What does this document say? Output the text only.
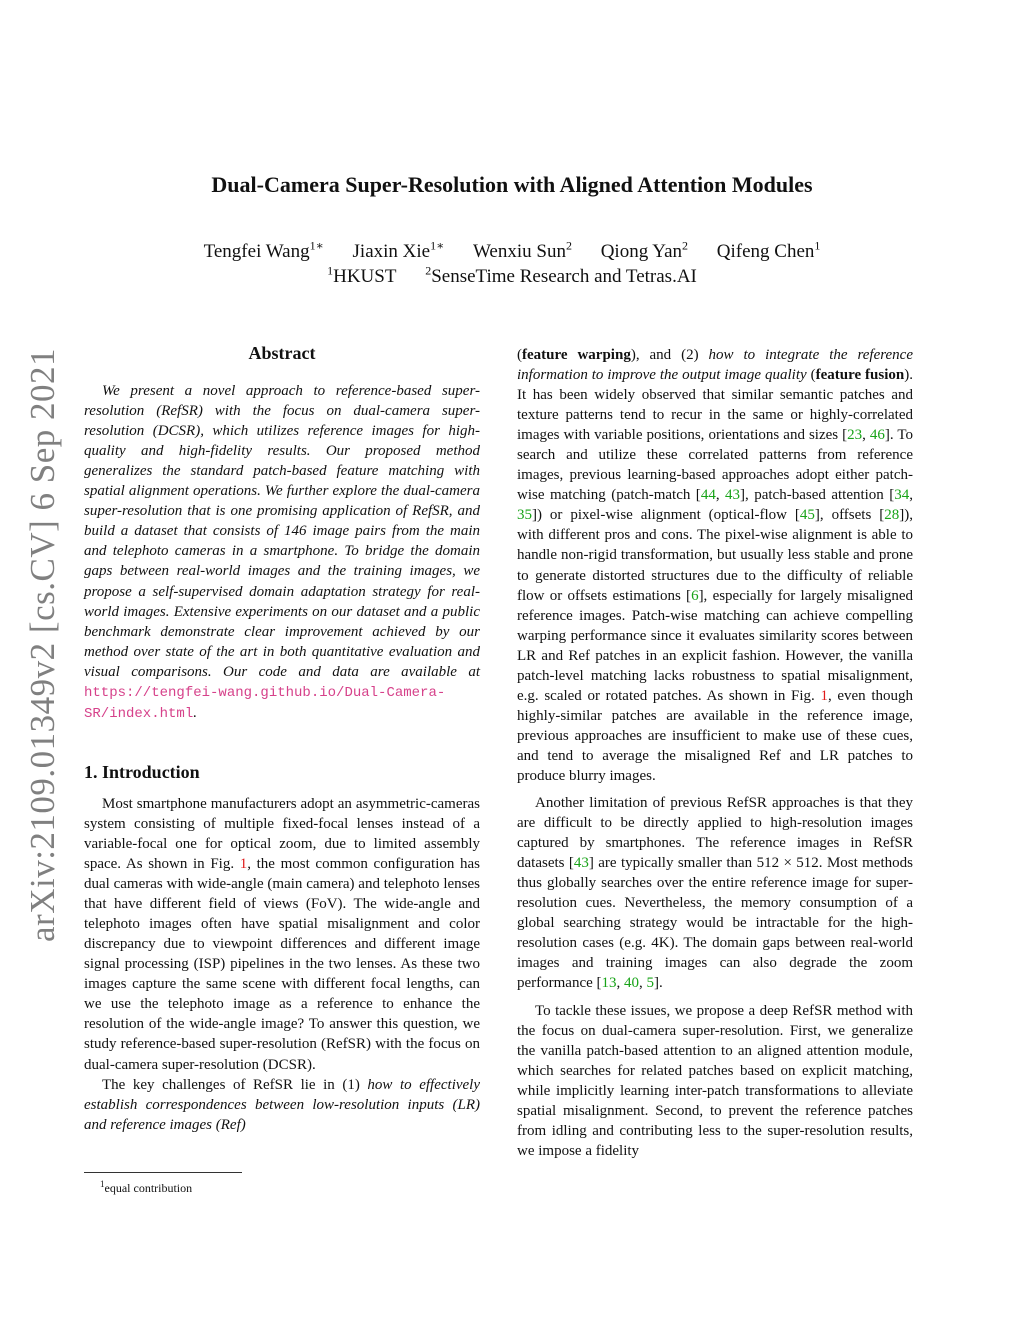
arXiv:2109.01349v2 [cs.CV] 6 Sep 2021
Dual-Camera Super-Resolution with Aligned Attention Modules
Tengfei Wang$^{1∗}$ Jiaxin Xie$^{1∗}$ Wenxiu Sun$^2$ Qiong Yan$^2$ Qifeng Chen$^1$
$^1$HKUST $^2$SenseTime Research and Tetras.AI
Abstract

We present a novel approach to reference-based super-resolution (RefSR) with the focus on dual-camera super-resolution (DCSR), which utilizes reference images for high-quality and high-fidelity results. Our proposed method generalizes the standard patch-based feature matching with spatial alignment operations. We further explore the dual-camera super-resolution that is one promising application of RefSR, and build a dataset that consists of 146 image pairs from the main and telephoto cameras in a smartphone. To bridge the domain gaps between real-world images and the training images, we propose a self-supervised domain adaptation strategy for real-world images. Extensive experiments on our dataset and a public benchmark demonstrate clear improvement achieved by our method over state of the art in both quantitative evaluation and visual comparisons. Our code and data are available at https://tengfei-wang.github.io/Dual-Camera-SR/index.html.

1. Introduction

Most smartphone manufacturers adopt an asymmetric-cameras system consisting of multiple fixed-focal lenses instead of a variable-focal one for optical zoom, due to limited assembly space. As shown in Fig. 1, the most common configuration has dual cameras with wide-angle (main camera) and telephoto lenses that have different field of views (FoV). The wide-angle and telephoto images often have spatial misalignment and color discrepancy due to viewpoint differences and different image signal processing (ISP) pipelines in the two lenses. As these two images capture the same scene with different focal lengths, can we use the telephoto image as a reference to enhance the resolution of the wide-angle image? To answer this question, we study reference-based super-resolution (RefSR) with the focus on dual-camera super-resolution (DCSR).

The key challenges of RefSR lie in (1) how to effectively establish correspondences between low-resolution inputs (LR) and reference images (Ref)

(feature warping), and (2) how to integrate the reference information to improve the output image quality (feature fusion). It has been widely observed that similar semantic patches and texture patterns tend to recur in the same or highly-correlated images with variable positions, orientations and sizes [23, 46]. To search and utilize these correlated patterns from reference images, previous learning-based approaches adopt either patch-wise matching (patch-match [44, 43], patch-based attention [34, 35]) or pixel-wise alignment (optical-flow [45], offsets [28]), with different pros and cons. The pixel-wise alignment is able to handle non-rigid transformation, but usually less stable and prone to generate distorted structures due to the difficulty of reliable flow or offsets estimations [6], especially for largely misaligned reference images. Patch-wise matching can achieve compelling warping performance since it evaluates similarity scores between LR and Ref patches in an explicit fashion. However, the vanilla patch-level matching lacks robustness to spatial misalignment, e.g. scaled or rotated patches. As shown in Fig. 1, even though highly-similar patches are available in the reference image, previous approaches are insufficient to make use of these cues, and tend to average the misaligned Ref and LR patches to produce blurry images.

Another limitation of previous RefSR approaches is that they are difficult to be directly applied to high-resolution images captured by smartphones. The reference images in RefSR datasets [43] are typically smaller than 512 × 512. Most methods thus globally searches over the entire reference image for super-resolution cues. Nevertheless, the memory consumption of a global searching strategy would be intractable for the high-resolution cases (e.g. 4K). The domain gaps between real-world images and training images can also degrade the zoom performance [13, 40, 5].

To tackle these issues, we propose a deep RefSR method with the focus on dual-camera super-resolution. First, we generalize the vanilla patch-based attention to an aligned attention module, which searches for related patches based on explicit matching, while implicitly learning inter-patch transformations to alleviate spatial misalignment. Second, to prevent the reference patches from idling and contributing less to the super-resolution results, we impose a fidelity

$^1$equal contribution
